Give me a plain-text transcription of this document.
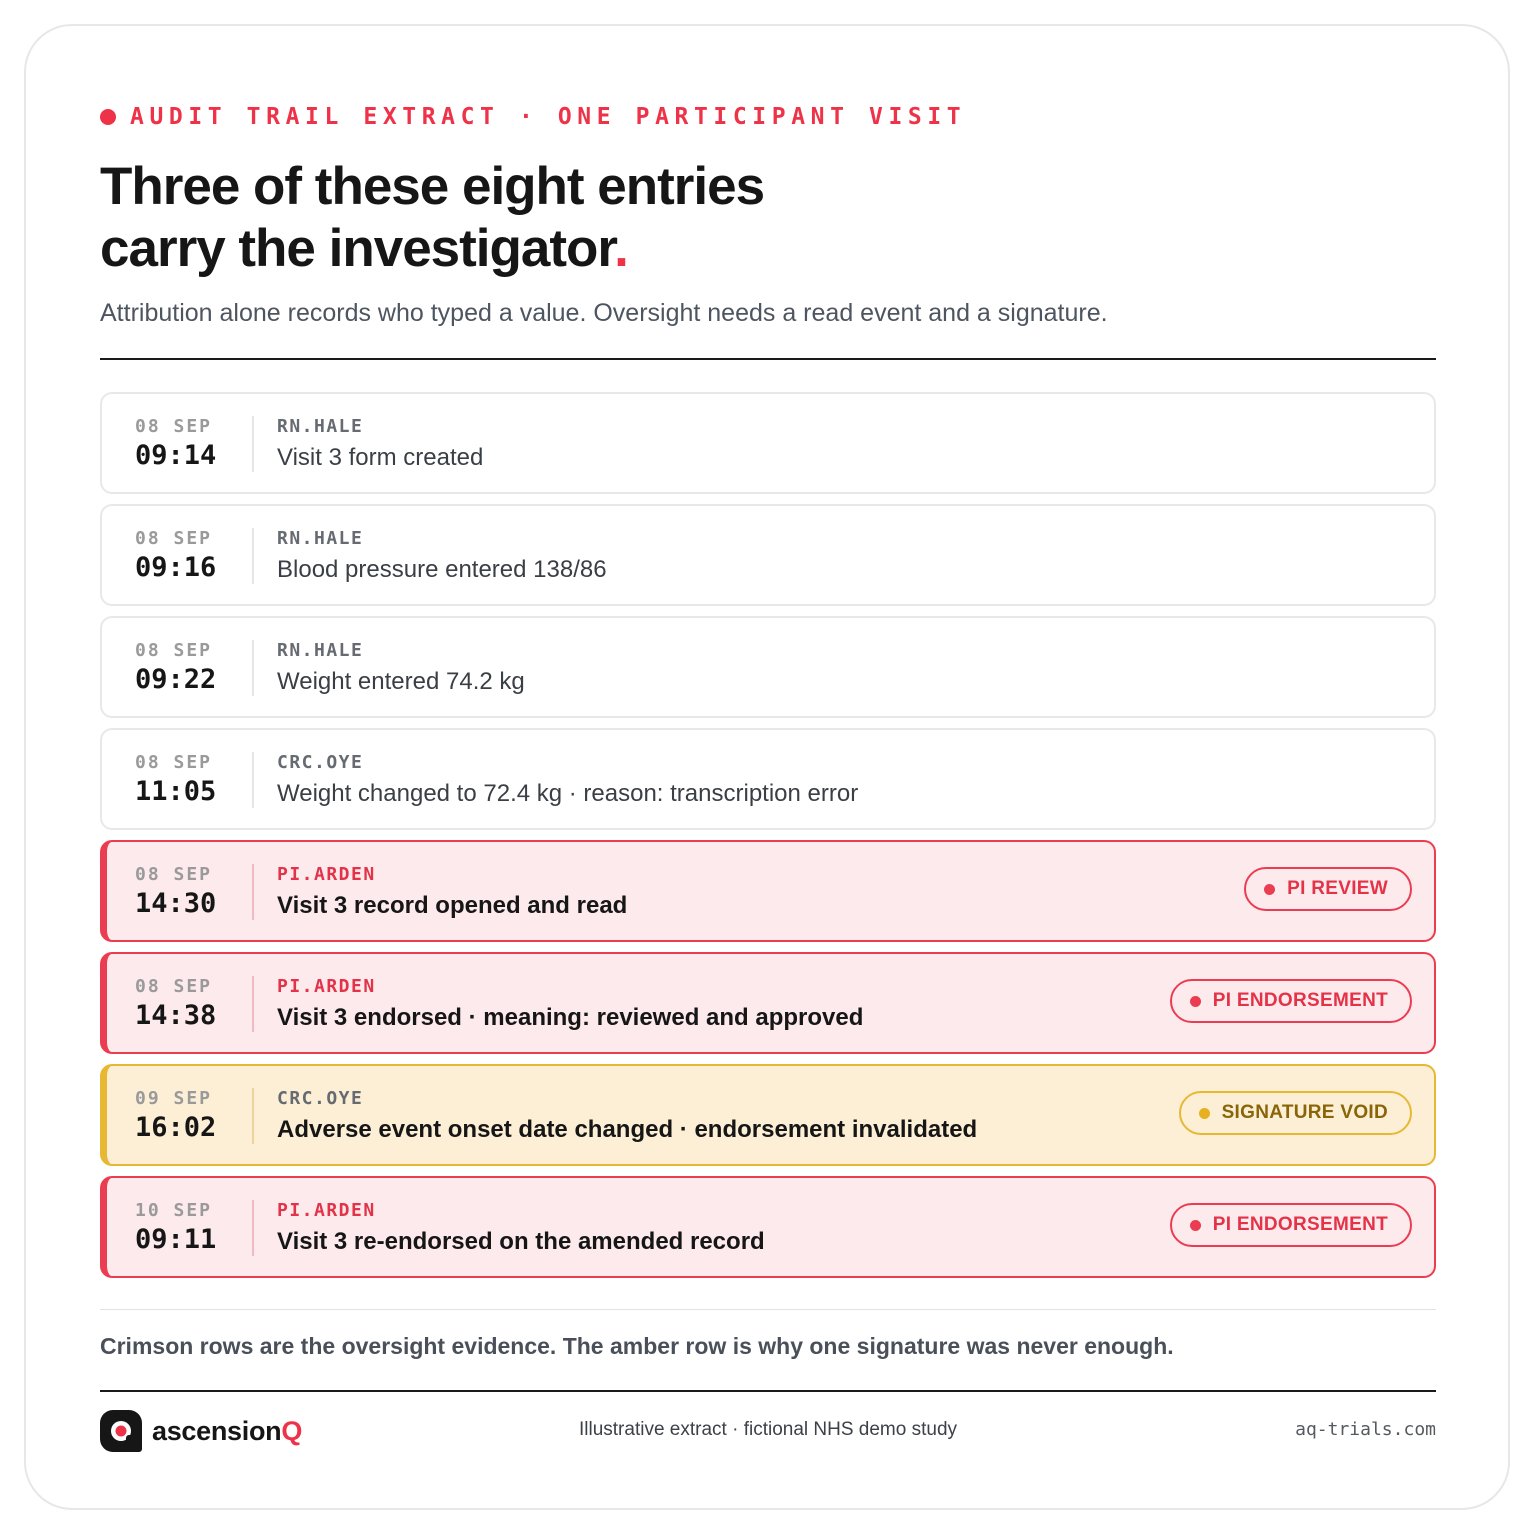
AUDIT TRAIL EXTRACT · ONE PARTICIPANT VISIT
Three of these eight entries
carry the investigator.
Attribution alone records who typed a value. Oversight needs a read event and a signature.
08 SEP
09:14
RN.HALE
Visit 3 form created
08 SEP
09:16
RN.HALE
Blood pressure entered 138/86
08 SEP
09:22
RN.HALE
Weight entered 74.2 kg
08 SEP
11:05
CRC.OYE
Weight changed to 72.4 kg · reason: transcription error
08 SEP
14:30
PI.ARDEN
Visit 3 record opened and read
PI REVIEW
08 SEP
14:38
PI.ARDEN
Visit 3 endorsed · meaning: reviewed and approved
PI ENDORSEMENT
09 SEP
16:02
CRC.OYE
Adverse event onset date changed · endorsement invalidated
SIGNATURE VOID
10 SEP
09:11
PI.ARDEN
Visit 3 re-endorsed on the amended record
PI ENDORSEMENT
Crimson rows are the oversight evidence. The amber row is why one signature was never enough.
ascensionQ	Illustrative extract · fictional NHS demo study	aq-trials.com
